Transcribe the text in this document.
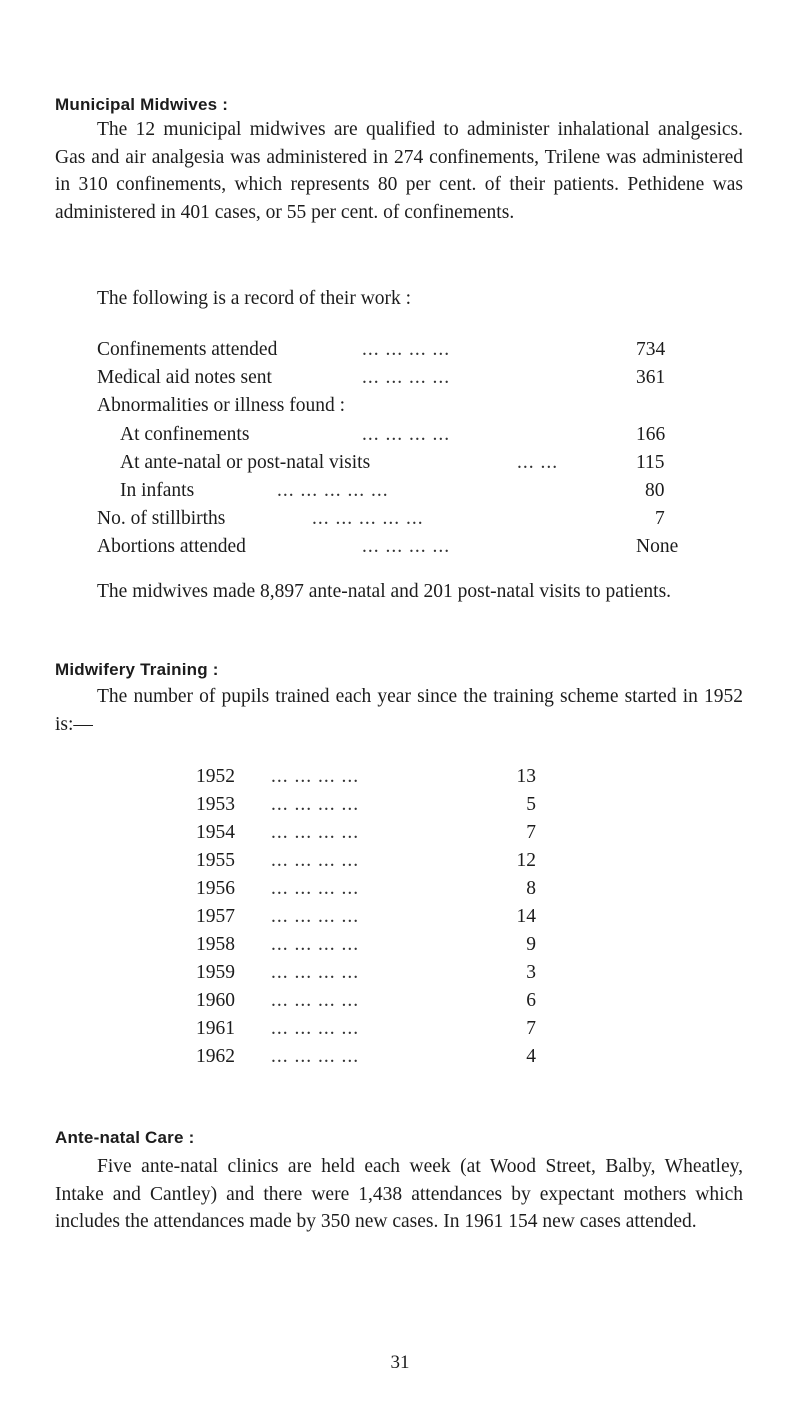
Municipal Midwives :

The 12 municipal midwives are qualified to administer inhalational analgesics. Gas and air analgesia was administered in 274 confinements, Trilene was administered in 310 confinements, which represents 80 per cent. of their patients. Pethidene was administered in 401 cases, or 55 per cent. of confinements.

The following is a record of their work :
Confinements attended	... ... ... ...	734
Medical aid notes sent	... ... ... ...	361
Abnormalities or illness found :
At confinements	... ... ... ...	166
At ante-natal or post-natal visits	... ...	115
In infants	... ... ... ... ...	80
No. of stillbirths	... ... ... ... ...	7
Abortions attended	... ... ... ...	None

The midwives made 8,897 ante-natal and 201 post-natal visits to patients.

Midwifery Training :

The number of pupils trained each year since the training scheme started in 1952 is:—

1952 ... ... ... ...	13
1953 ... ... ... ...	5
1954 ... ... ... ...	7
1955 ... ... ... ...	12
1956 ... ... ... ...	8
1957 ... ... ... ...	14
1958 ... ... ... ...	9
1959 ... ... ... ...	3
1960 ... ... ... ...	6
1961 ... ... ... ...	7
1962 ... ... ... ...	4
Ante-natal Care :

Five ante-natal clinics are held each week (at Wood Street, Balby, Wheatley, Intake and Cantley) and there were 1,438 attendances by expectant mothers which includes the attendances made by 350 new cases. In 1961 154 new cases attended.

31
